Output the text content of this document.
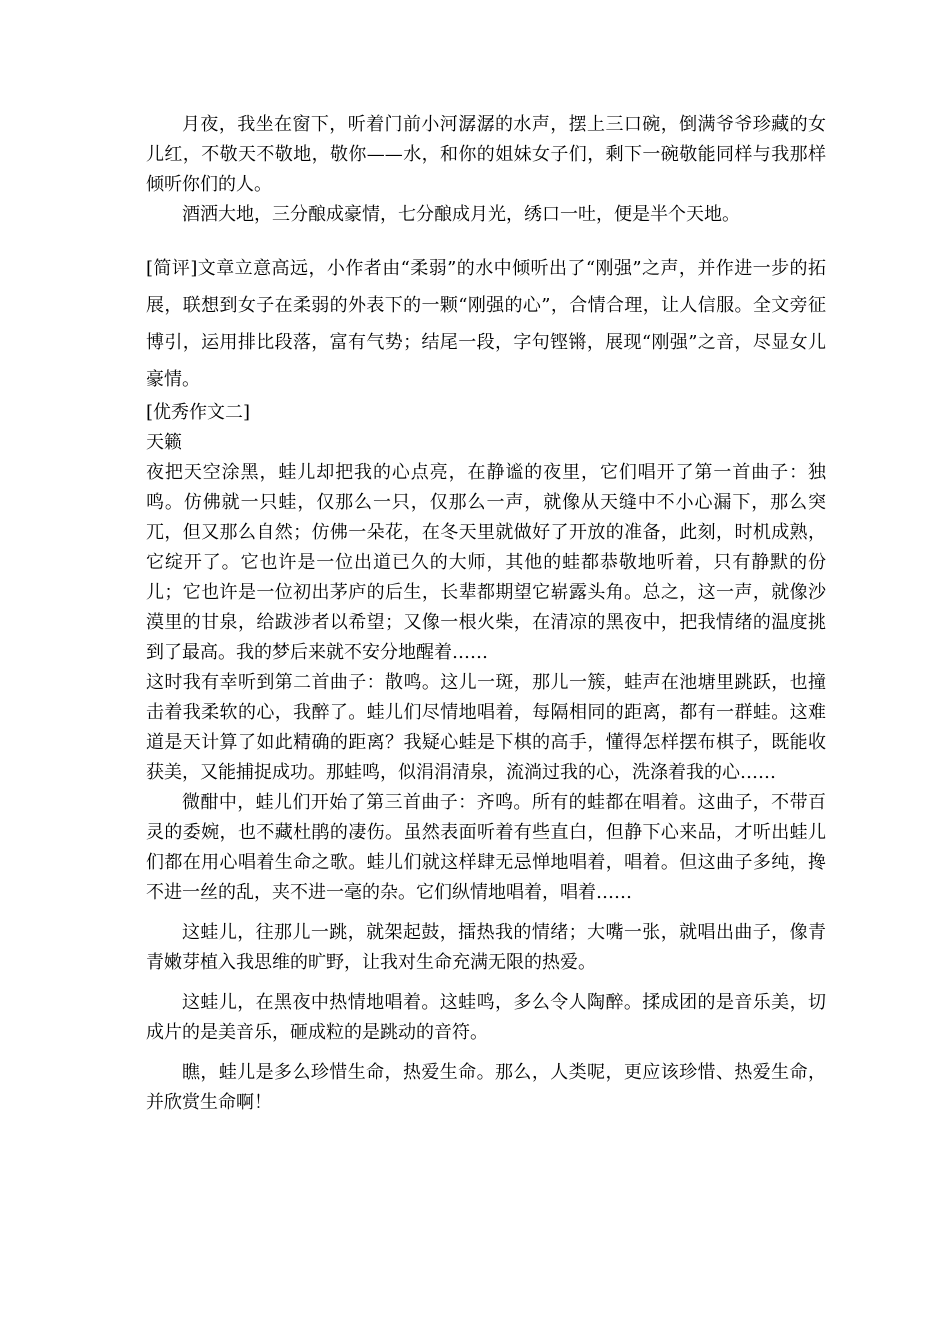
月夜，我坐在窗下，听着门前小河潺潺的水声，摆上三口碗，倒满爷爷珍藏的女儿红，不敬天不敬地，敬你——水，和你的姐妹女子们，剩下一碗敬能同样与我那样倾听你们的人。

酒洒大地，三分酿成豪情，七分酿成月光，绣口一吐，便是半个天地。

[简评]文章立意高远，小作者由“柔弱”的水中倾听出了“刚强”之声，并作进一步的拓展，联想到女子在柔弱的外表下的一颗“刚强的心”，合情合理，让人信服。全文旁征博引，运用排比段落，富有气势；结尾一段，字句铿锵，展现“刚强”之音，尽显女儿豪情。

[优秀作文二]

天籁

夜把天空涂黑，蛙儿却把我的心点亮，在静谧的夜里，它们唱开了第一首曲子：独鸣。仿佛就一只蛙，仅那么一只，仅那么一声，就像从天缝中不小心漏下，那么突兀，但又那么自然；仿佛一朵花，在冬天里就做好了开放的准备，此刻，时机成熟，它绽开了。它也许是一位出道已久的大师，其他的蛙都恭敬地听着，只有静默的份儿；它也许是一位初出茅庐的后生，长辈都期望它崭露头角。总之，这一声，就像沙漠里的甘泉，给跋涉者以希望；又像一根火柴，在清凉的黑夜中，把我情绪的温度挑到了最高。我的梦后来就不安分地醒着……

这时我有幸听到第二首曲子：散鸣。这儿一斑，那儿一簇，蛙声在池塘里跳跃，也撞击着我柔软的心，我醉了。蛙儿们尽情地唱着，每隔相同的距离，都有一群蛙。这难道是天计算了如此精确的距离？我疑心蛙是下棋的高手，懂得怎样摆布棋子，既能收获美，又能捕捉成功。那蛙鸣，似涓涓清泉，流淌过我的心，洗涤着我的心……

微酣中，蛙儿们开始了第三首曲子：齐鸣。所有的蛙都在唱着。这曲子，不带百灵的委婉，也不藏杜鹃的凄伤。虽然表面听着有些直白，但静下心来品，才听出蛙儿们都在用心唱着生命之歌。蛙儿们就这样肆无忌惮地唱着，唱着。但这曲子多纯，搀不进一丝的乱，夹不进一毫的杂。它们纵情地唱着，唱着……

这蛙儿，往那儿一跳，就架起鼓，擂热我的情绪；大嘴一张，就唱出曲子，像青青嫩芽植入我思维的旷野，让我对生命充满无限的热爱。

这蛙儿，在黑夜中热情地唱着。这蛙鸣，多么令人陶醉。揉成团的是音乐美，切成片的是美音乐，砸成粒的是跳动的音符。

瞧，蛙儿是多么珍惜生命，热爱生命。那么，人类呢，更应该珍惜、热爱生命，并欣赏生命啊！
